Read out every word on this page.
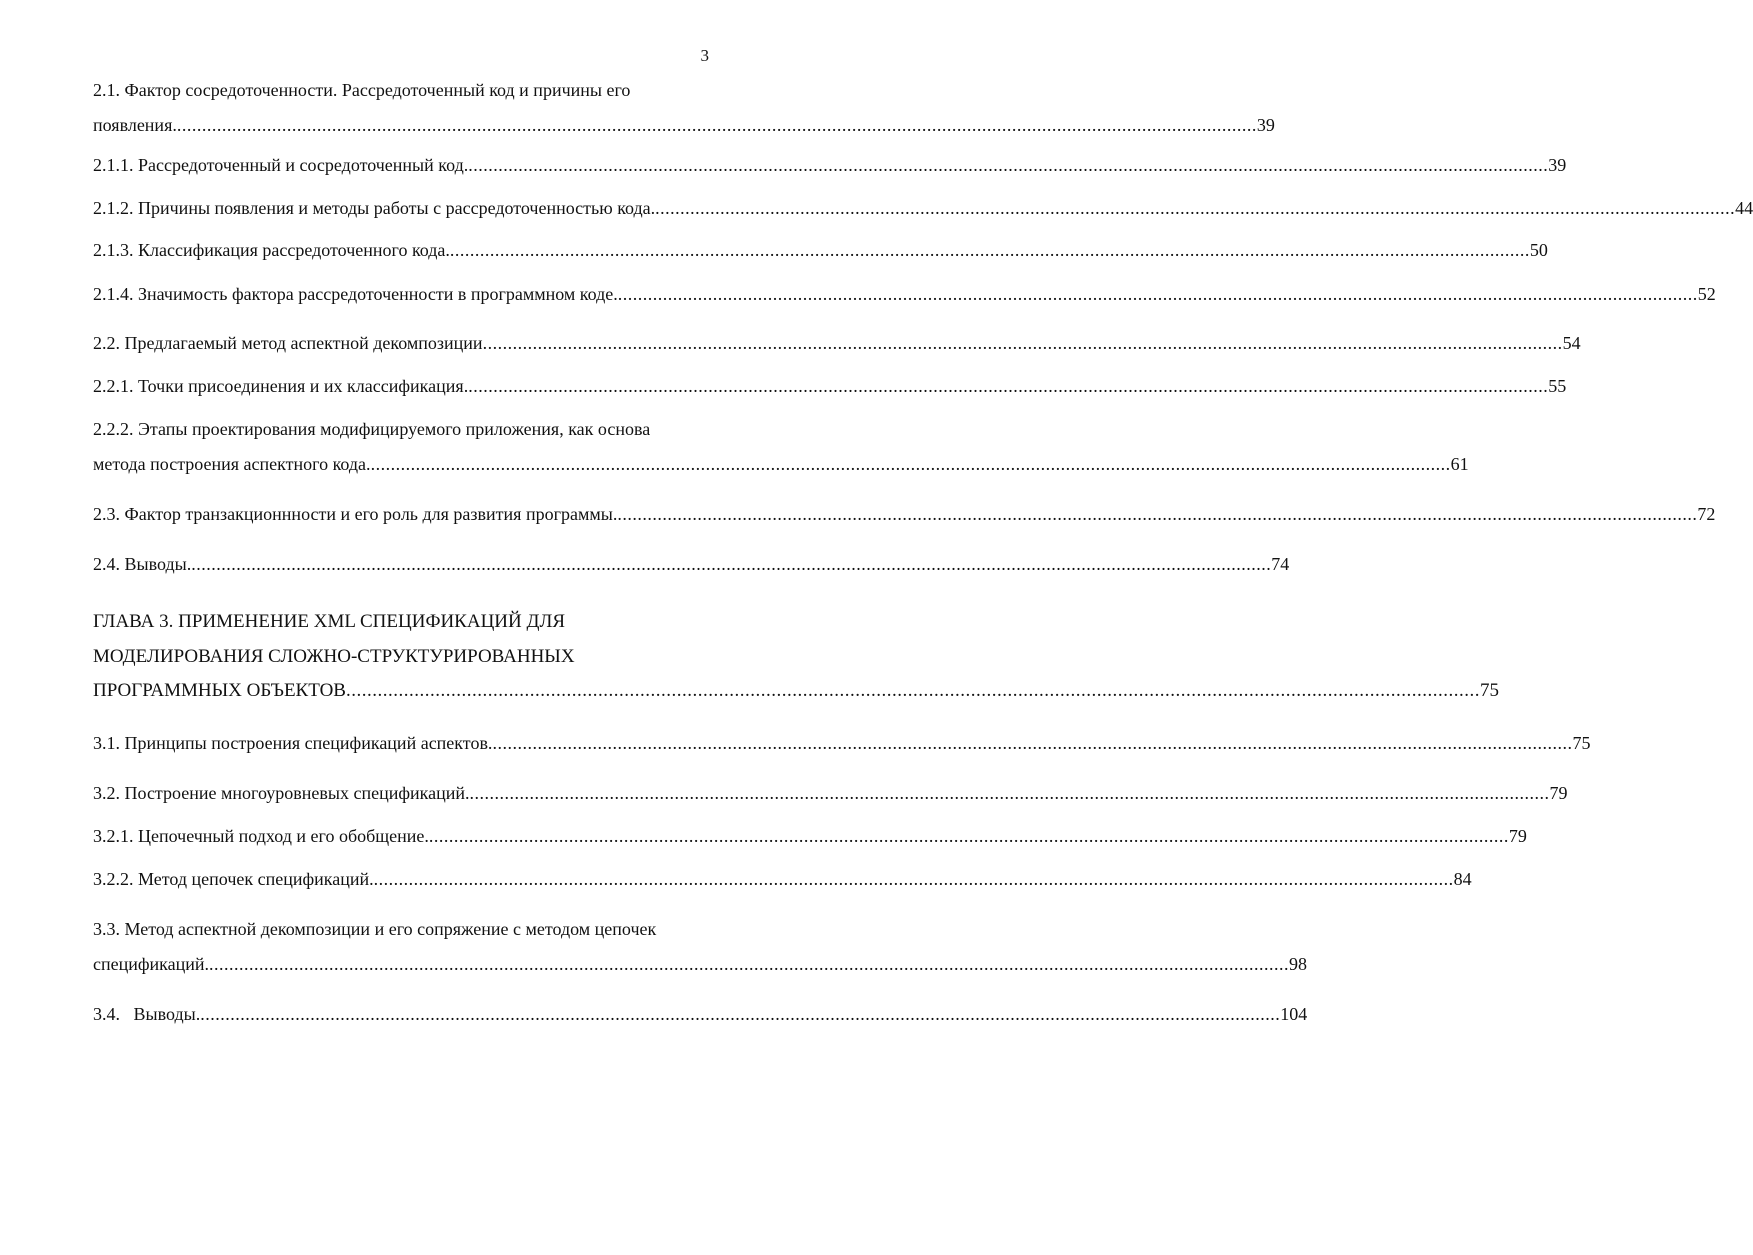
3

2.1. Фактор сосредоточенности. Рассредоточенный код и причины его
появления. ........................................................................................................................................................................................................................ 39
2.1.1. Рассредоточенный и сосредоточенный код. ........................................................................................................................................................................................................................ 39
2.1.2. Причины появления и методы работы с рассредоточенностью кода. ........................................................................................................................................................................................................................ 44
2.1.3. Классификация рассредоточенного кода. ........................................................................................................................................................................................................................ 50
2.1.4. Значимость фактора рассредоточенности в программном коде. ........................................................................................................................................................................................................................ 52
2.2. Предлагаемый метод аспектной декомпозиции ........................................................................................................................................................................................................................ 54
2.2.1. Точки присоединения и их классификация. ........................................................................................................................................................................................................................ 55
2.2.2. Этапы проектирования модифицируемого приложения, как основа
метода построения аспектного кода. ........................................................................................................................................................................................................................ 61
2.3. Фактор транзакционнности и его роль для развития программы. ........................................................................................................................................................................................................................ 72
2.4. Выводы. ........................................................................................................................................................................................................................ 74
ГЛАВА 3. ПРИМЕНЕНИЕ XML СПЕЦИФИКАЦИЙ ДЛЯ
МОДЕЛИРОВАНИЯ СЛОЖНО-СТРУКТУРИРОВАННЫХ
ПРОГРАММНЫХ ОБЪЕКТОВ ........................................................................................................................................................................................................................ 75
3.1. Принципы построения спецификаций аспектов. ........................................................................................................................................................................................................................ 75
3.2. Построение многоуровневых спецификаций. ........................................................................................................................................................................................................................ 79
3.2.1. Цепочечный подход и его обобщение. ........................................................................................................................................................................................................................ 79
3.2.2. Метод цепочек спецификаций. ........................................................................................................................................................................................................................ 84
3.3. Метод аспектной декомпозиции и его сопряжение с методом цепочек
спецификаций. ........................................................................................................................................................................................................................ 98
3.4.   Выводы. ........................................................................................................................................................................................................................ 104
